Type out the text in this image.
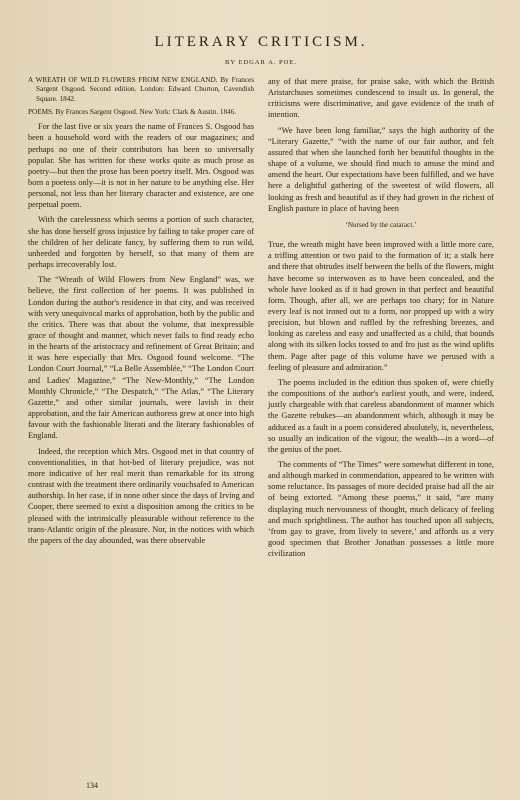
LITERARY CRITICISM.
BY EDGAR A. POE.
A WREATH OF WILD FLOWERS FROM NEW ENGLAND. By Frances Sargent Osgood. Second edition. London: Edward Churton, Cavendish Square. 1842.
POEMS. By Frances Sargent Osgood. New York: Clark & Austin. 1846.

For the last five or six years the name of Frances S. Osgood has been a household word with the readers of our magazines; and perhaps no one of their contributors has been so universally popular. She has written for these works quite as much prose as poetry—but then the prose has been poetry itself. Mrs. Osgood was born a poetess only—it is not in her nature to be anything else. Her personal, not less than her literary character and existence, are one perpetual poem.

With the carelessness which seems a portion of such character, she has done herself gross injustice by failing to take proper care of the children of her delicate fancy, by suffering them to run wild, unheeded and forgotten by herself, so that many of them are perhaps irrecoverably lost.

The “Wreath of Wild Flowers from New England” was, we believe, the first collection of her poems. It was published in London during the author's residence in that city, and was received with very unequivocal marks of approbation, both by the public and the critics. There was that about the volume, that inexpressible grace of thought and manner, which never fails to find ready echo in the hearts of the aristocracy and refinement of Great Britain; and it was here especially that Mrs. Osgood found welcome. “The London Court Journal,” “La Belle Assemblée,” “The London Court and Ladies' Magazine,” “The New-Monthly,” “The London Monthly Chronicle,” “The Despatch,” “The Atlas,” “The Literary Gazette,” and other similar journals, were lavish in their approbation, and the fair American authoress grew at once into high favour with the fashionable literati and the literary fashionables of England.

Indeed, the reception which Mrs. Osgood met in that country of conventionalities, in that hot-bed of literary prejudice, was not more indicative of her real merit than remarkable for its strong contrast with the treatment there ordinarily vouchsafed to American authorship. In her case, if in none other since the days of Irving and Cooper, there seemed to exist a disposition among the critics to be pleased with the intrinsically pleasurable without reference to the trans-Atlantic origin of the pleasure. Nor, in the notices with which the papers of the day abounded, was there observable

any of that mere praise, for praise sake, with which the British Aristarchuses sometimes condescend to insult us. In general, the criticisms were discriminative, and gave evidence of the truth of intention.

“We have been long familiar,” says the high authority of the “Literary Gazette,” “with the name of our fair author, and felt assured that when she launched forth her beautiful thoughts in the shape of a volume, we should find much to amuse the mind and amend the heart. Our expectations have been fulfilled, and we have here a delightful gathering of the sweetest of wild flowers, all looking as fresh and beautiful as if they had grown in the richest of English pasture in place of having been

‘Nursed by the cataract.’

True, the wreath might have been improved with a little more care, a trifling attention or two paid to the formation of it; a stalk here and there that obtrudes itself between the bells of the flowers, might have become so interwoven as to have been concealed, and the whole have looked as if it had grown in that perfect and beautiful form. Though, after all, we are perhaps too chary; for in Nature every leaf is not ironed out to a form, nor propped up with a wiry precision, but blown and ruffled by the refreshing breezes, and looking as careless and easy and unaffected as a child, that bounds along with its silken locks tossed to and fro just as the wind uplifts them. Page after page of this volume have we perused with a feeling of pleasure and admiration.”

The poems included in the edition thus spoken of, were chiefly the compositions of the author's earliest youth, and were, indeed, justly chargeable with that careless abandonment of manner which the Gazette rebukes—an abandonment which, although it may be adduced as a fault in a poem considered absolutely, is, nevertheless, so usually an indication of the vigour, the wealth—in a word—of the genius of the poet.

The comments of “The Times” were somewhat different in tone, and although marked in commendation, appeared to be written with some reluctance. Its passages of more decided praise had all the air of being extorted. “Among these poems,” it said, “are many displaying much nervousness of thought, much delicacy of feeling and much sprightliness. The author has touched upon all subjects, ‘from gay to grave, from lively to severe,’ and affords us a very good specimen that Brother Jonathan possesses a little more civilization

134
